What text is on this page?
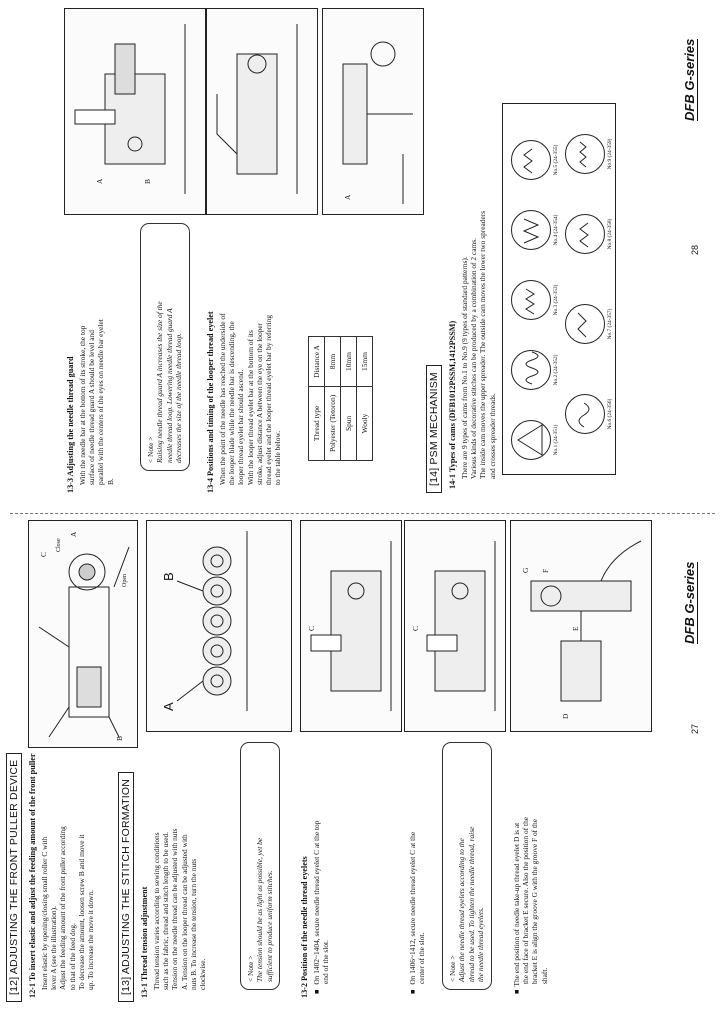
[12] ADJUSTING THE FRONT PULLER DEVICE 12-1 To insert elastic and adjust the feeding amount of the front puller Insert elastic by opening/closing small roller C with lever A (see the illustration). Adjust the feeding amount of the front puller according to that of the feed dog. To decrease the amount, loosen screw B and move it up. To increase the move it down.

C
Close
Open
A
B
[13] ADJUSTING THE STITCH FORMATION 13-1 Thread tension adjustment Thread tension varies according to sewing conditions such as the fabric, thread and stitch length to be used. Tension on the needle thread can be adjusted with nuts A. Tension on the looper thread can be adjusted with nuts B. To increase the tension, turn the nuts clockwise.

A
B
< Note > The tension should be as light as possible, yet be sufficient to produce uniform stitches.	13-2 Position of the needle thread eyelets ■ On 1402~1404, secure needle thread eyelet C at the top
end of the slot.
C
■ On 1406~1412, secure needle thread eyelet C at the
center of the slot.
C
< Note > Adjust the needle thread eyelets according to the thread to be used. To tighten the needle thread, raise the needle thread eyelets.	■ The end position of needle take-up thread eyelet D is at the end face of bracket E secure. Also the position of the bracket E is align the groove G with the groove F of the shaft.

D
E
F
G
27
DFB G-series
13-3 Adjusting the needle thread guard With the needle bar at the bottom of its stroke, the top surface of needle thread guard A should be level and parallel with the centers of the eyes on needle bar eyelet B.

A	B
< Note > Raising needle thread guard A increases the size of the needle thread loop. Lowering needle thread guard A decreases the size of the needle thread loop.	13-4 Positions and timing of the looper thread eyelet When the point of the needle has reached the underside of the looper blade while the needle bar is descending, the looper thread eyelet bar should ascend. With the looper thread eyelet bar at the bottom of its stroke, adjust distance A between the eye on the looper thread eyelet and the looper thread eyelet bar by referring to the table below.

Thread type	Distance A
Polyester (Tetoron)	8mm
Spun	10mm
Wooly	15mm
A
[14] PSM MECHANISM 14-1 Types of cams (DFB1012PSSM,1412PSSM) There are 9 types of cams from No.1 to No.9 (9 types of standard patterns). Various kinds of decorative stitches can be produced by a combination of 2 cams. The inside cam moves the upper spreader. The outside cam moves the lower two spreaders and crosses spreader threads.	No.1 (24-351)
No.2 (24-352)
No.3 (24-353)
No.4 (24-354)
No.5 (24-355)
No.6 (24-356)
No.7 (24-357)
No.8 (24-358)
No.9 (24-359)
28
DFB G-series
